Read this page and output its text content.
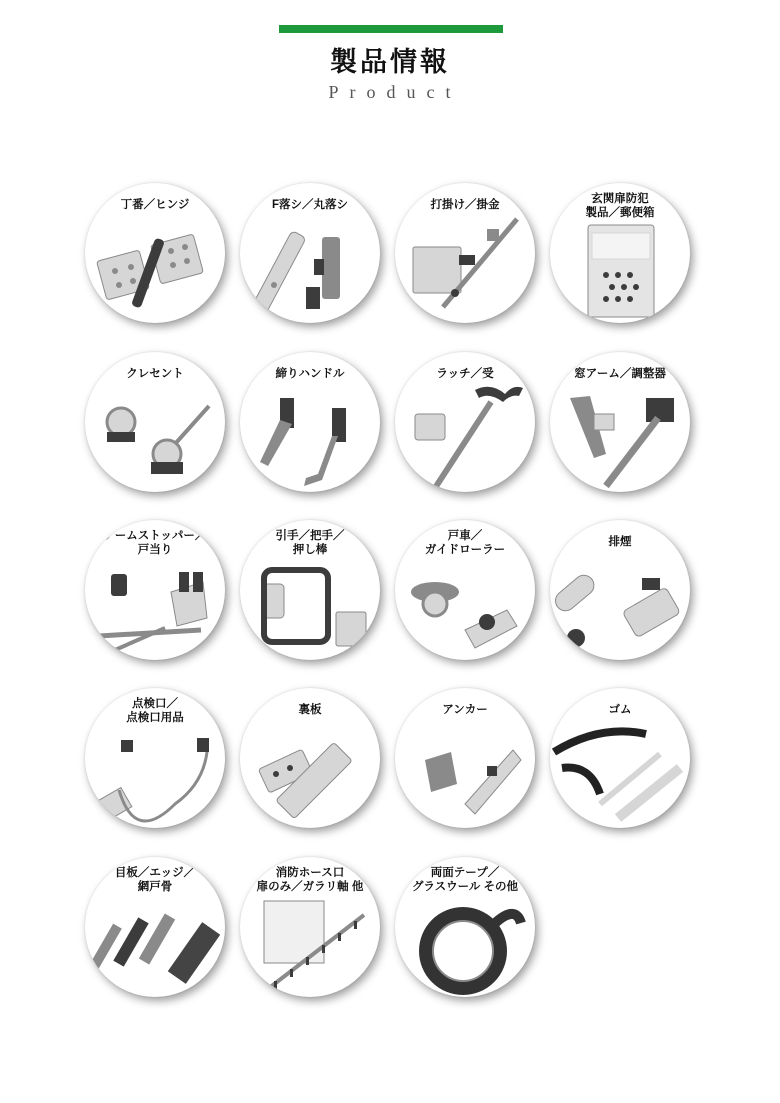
製品情報
Product
丁番／ヒンジ	F落シ／丸落シ	打掛け／掛金	玄関扉防犯
製品／郵便箱
クレセント	締りハンドル	ラッチ／受	窓アーム／調整器
アームストッパー／
戸当り
引手／把手／
押し棒
戸車／
ガイドローラー
排煙
点検口／
点検口用品
裏板	アンカー	ゴム
目板／エッジ／
網戸骨
消防ホース口
扉のみ／ガラリ軸 他
両面テープ／
グラスウール その他
